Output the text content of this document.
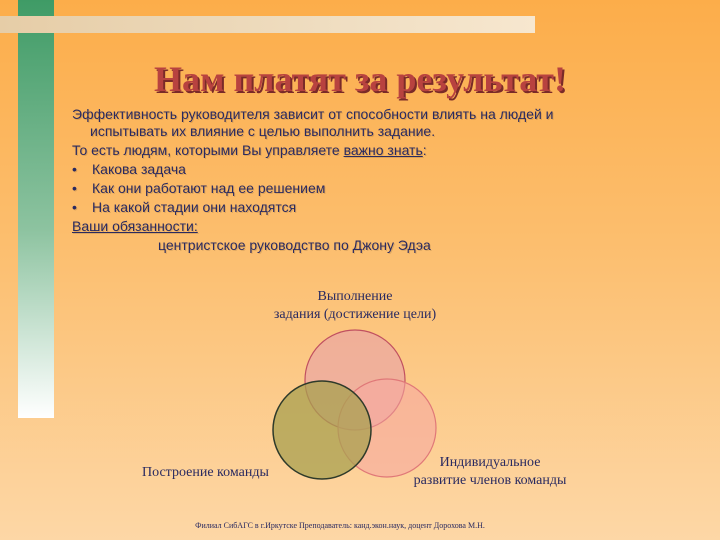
Нам платят за результат!
Эффективность руководителя зависит от способности влиять на людей и
испытывать их влияние с целью выполнить задание.
То есть людям, которыми Вы управляете важно знать:
• Какова задача
• Как они работают над ее решением
• На какой стадии они находятся
Ваши обязанности:
центристское руководство по Джону Эдэа
Выполнение
задания (достижение цели)
Индивидуальное
развитие членов команды
Построение команды
Филиал СибАГС в г.Иркутске Преподаватель: канд.экон.наук, доцент Дорохова М.Н.
